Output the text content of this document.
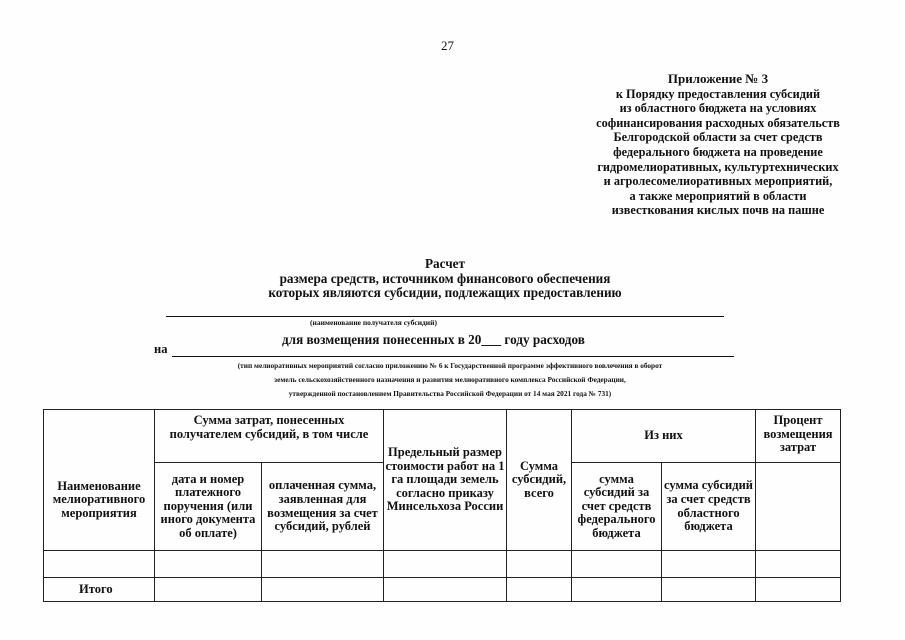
27
Приложение № 3
к Порядку предоставления субсидий
из областного бюджета на условиях
софинансирования расходных обязательств
Белгородской области за счет средств
федерального бюджета на проведение
гидромелиоративных, культуртехнических
и агролесомелиоративных мероприятий,
а также мероприятий в области
известкования кислых почв на пашне
Расчет
размера средств, источником финансового обеспечения
которых являются субсидии, подлежащих предоставлению
(наименование получателя субсидий)
для возмещения понесенных в 20___ году расходов
на
(тип мелиоративных мероприятий согласно приложению № 6 к Государственной программе эффективного вовлечения в оборот
земель сельскохозяйственного назначения и развития мелиоративного комплекса Российской Федерации,
утвержденной постановлением Правительства Российской Федерации от 14 мая 2021 года № 731)
Наименование мелиоративного мероприятия	Сумма затрат, понесенных получателем субсидий, в том числе		Предельный размер стоимости работ на 1 га площади земель согласно приказу Минсельхоза России	Сумма субсидий, всего	Из них		Процент возмещения затрат
	дата и номер платежного поручения (или иного документа об оплате)	оплаченная сумма, заявленная для возмещения за счет субсидий, рублей			сумма субсидий за счет средств федерального бюджета	сумма субсидий за счет средств областного бюджета	

Итого							
